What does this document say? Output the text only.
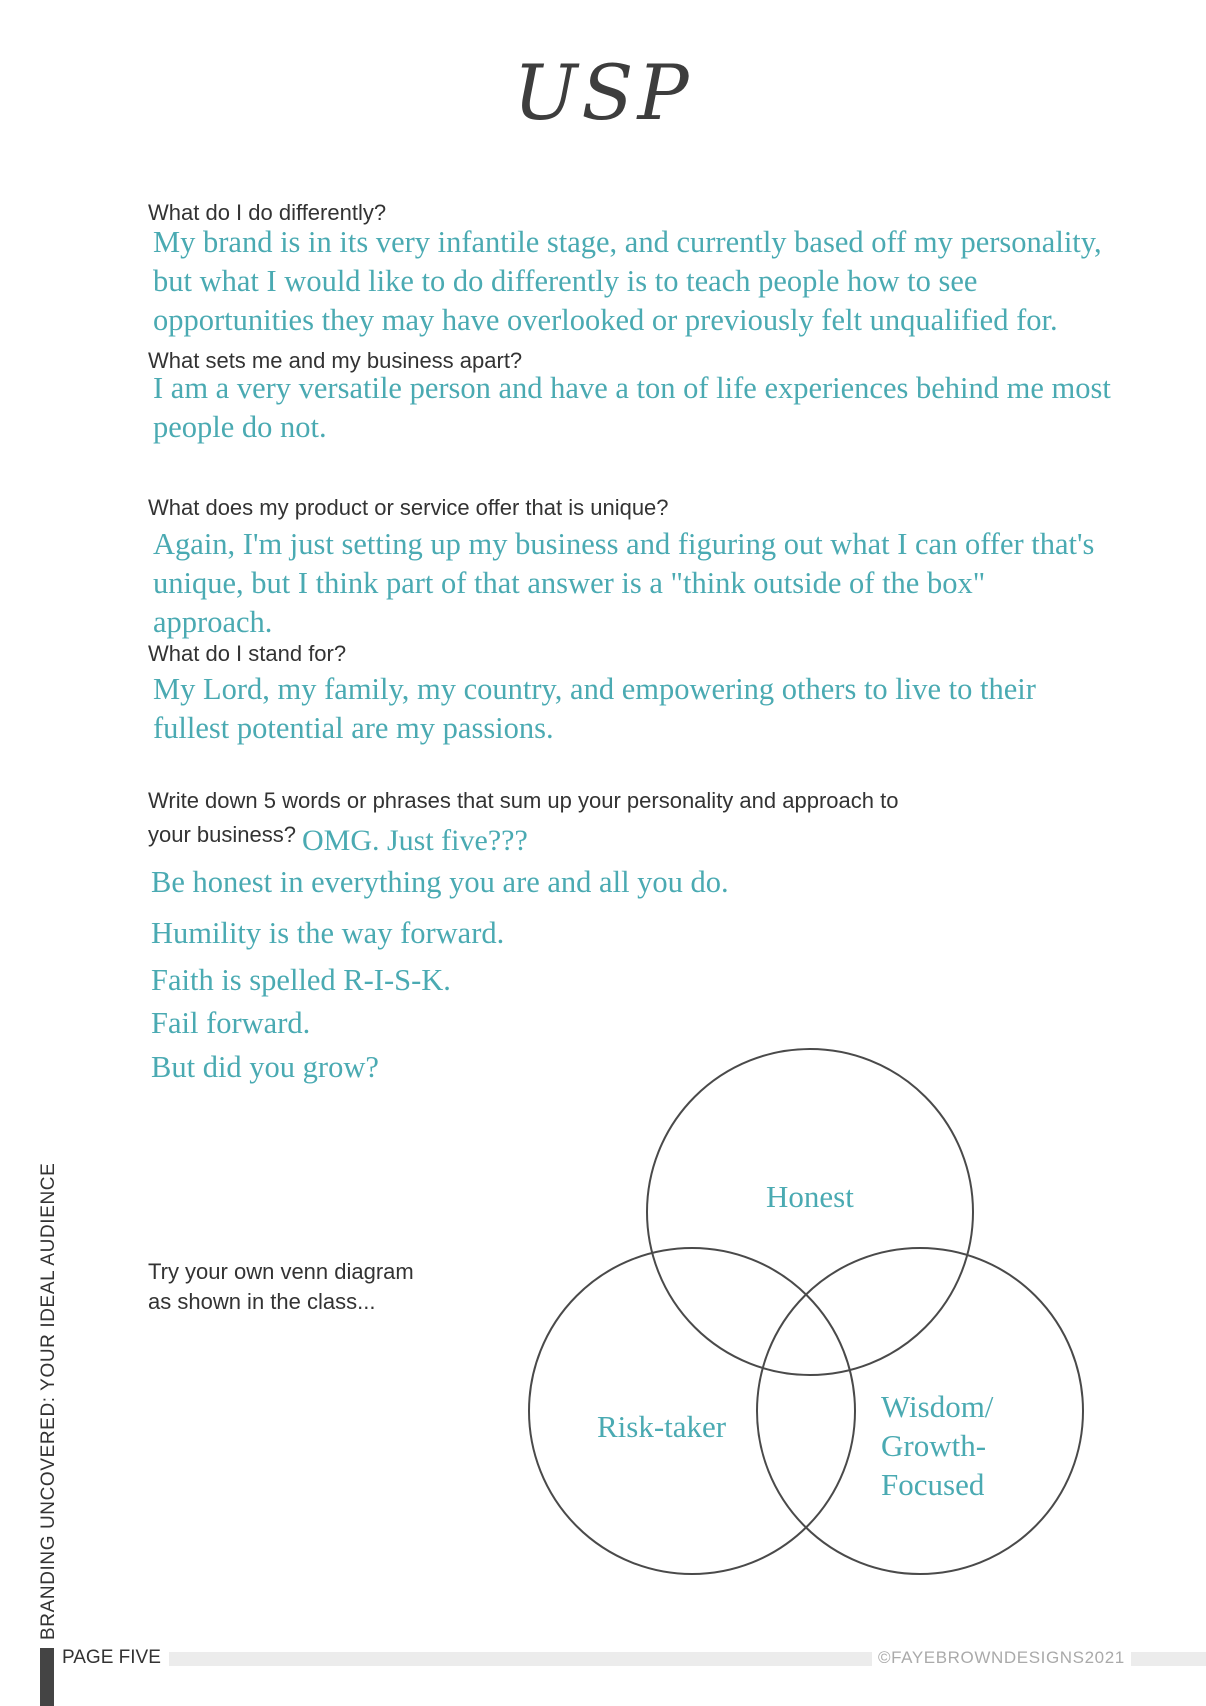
USP
What do I do differently?
My brand is in its very infantile stage, and currently based off my personality,
but what I would like to do differently is to teach people how to see
opportunities they may have overlooked or previously felt unqualified for.
What sets me and my business apart?
I am a very versatile person and have a ton of life experiences behind me most
people do not.
What does my product or service offer that is unique?
Again, I'm just setting up my business and figuring out what I can offer that's
unique, but I think part of that answer is a "think outside of the box"
approach.
What do I stand for?
My Lord, my family, my country, and empowering others to live to their
fullest potential are my passions.
Write down 5 words or phrases that sum up your personality and approach to
your business? OMG. Just five???
Be honest in everything you are and all you do.
Humility is the way forward.
Faith is spelled R-I-S-K.
Fail forward.
But did you grow?
Try your own venn diagram
as shown in the class...
Honest
Risk-taker
Wisdom/
Growth-
Focused
BRANDING UNCOVERED: YOUR IDEAL AUDIENCE
PAGE FIVE	©FAYEBROWNDESIGNS2021
